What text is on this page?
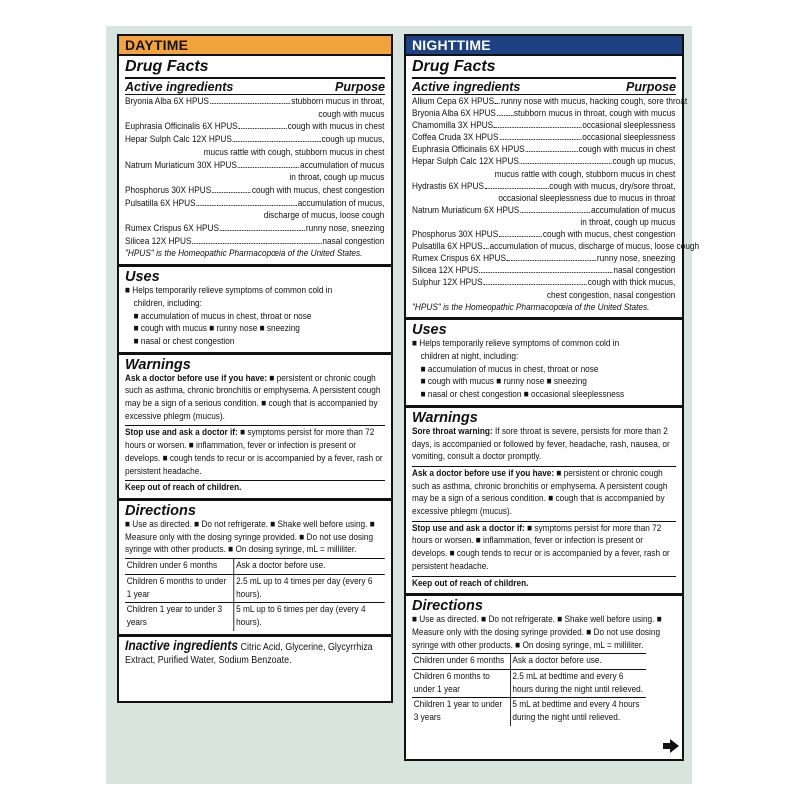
DAYTIME
Drug Facts
Active ingredients	Purpose
Bryonia Alba 6X HPUS	stubborn mucus in throat,
cough with mucus
Euphrasia Officinalis 6X HPUS	cough with mucus in chest
Hepar Sulph Calc 12X HPUS	cough up mucus,
mucus rattle with cough, stubborn mucus in chest
Natrum Muriaticum 30X HPUS	accumulation of mucus
in throat, cough up mucus
Phosphorus 30X HPUS	cough with mucus, chest congestion
Pulsatilla 6X HPUS	accumulation of mucus,
discharge of mucus, loose cough
Rumex Crispus 6X HPUS	runny nose, sneezing
Silicea 12X HPUS	nasal congestion
"HPUS" is the Homeopathic Pharmacopœia of the United States.
Uses
■ Helps temporarily relieve symptoms of common cold in
children, including:
■ accumulation of mucus in chest, throat or nose
■ cough with mucus ■ runny nose ■ sneezing
■ nasal or chest congestion
Warnings
Ask a doctor before use if you have: ■ persistent or chronic cough such as asthma, chronic bronchitis or emphysema. A persistent cough may be a sign of a serious condition. ■ cough that is accompanied by excessive phlegm (mucus).
Stop use and ask a doctor if: ■ symptoms persist for more than 72 hours or worsen. ■ inflammation, fever or infection is present or develops. ■ cough tends to recur or is accompanied by a fever, rash or persistent headache.
Keep out of reach of children.
Directions
■ Use as directed. ■ Do not refrigerate. ■ Shake well before using. ■ Measure only with the dosing syringe provided. ■ Do not use dosing syringe with other products. ■ On dosing syringe, mL = milliliter.
Children under 6 months	Ask a doctor before use.
Children 6 months to under 1 year	2.5 mL up to 4 times per day (every 6 hours).
Children 1 year to under 3 years	5 mL up to 6 times per day (every 4 hours).
Inactive ingredients Citric Acid, Glycerine, Glycyrrhiza Extract, Purified Water, Sodium Benzoate.
NIGHTTIME
Drug Facts
Active ingredients	Purpose
Allium Cepa 6X HPUS runny nose with mucus, hacking cough, sore throat
Bryonia Alba 6X HPUS stubborn mucus in throat, cough with mucus
Chamomilla 3X HPUS	occasional sleeplessness
Coffea Cruda 3X HPUS	occasional sleeplessness
Euphrasia Officinalis 6X HPUS	cough with mucus in chest
Hepar Sulph Calc 12X HPUS	cough up mucus,
mucus rattle with cough, stubborn mucus in chest
Hydrastis 6X HPUS	cough with mucus, dry/sore throat,
occasional sleeplessness due to mucus in throat
Natrum Muriaticum 6X HPUS	accumulation of mucus
in throat, cough up mucus
Phosphorus 30X HPUS	cough with mucus, chest congestion
Pulsatilla 6X HPUS accumulation of mucus, discharge of mucus, loose cough
Rumex Crispus 6X HPUS	runny nose, sneezing
Silicea 12X HPUS	nasal congestion
Sulphur 12X HPUS	cough with thick mucus,
chest congestion, nasal congestion
"HPUS" is the Homeopathic Pharmacopœia of the United States.
Uses
■ Helps temporarily relieve symptoms of common cold in
children at night, including:
■ accumulation of mucus in chest, throat or nose
■ cough with mucus ■ runny nose ■ sneezing
■ nasal or chest congestion ■ occasional sleeplessness
Warnings
Sore throat warning: If sore throat is severe, persists for more than 2 days, is accompanied or followed by fever, headache, rash, nausea, or vomiting, consult a doctor promptly.
Ask a doctor before use if you have: ■ persistent or chronic cough such as asthma, chronic bronchitis or emphysema. A persistent cough may be a sign of a serious condition. ■ cough that is accompanied by excessive phlegm (mucus).
Stop use and ask a doctor if: ■ symptoms persist for more than 72 hours or worsen. ■ inflammation, fever or infection is present or develops. ■ cough tends to recur or is accompanied by a fever, rash or persistent headache.
Keep out of reach of children.
Directions
■ Use as directed. ■ Do not refrigerate. ■ Shake well before using. ■ Measure only with the dosing syringe provided. ■ Do not use dosing syringe with other products. ■ On dosing syringe, mL = milliliter.
Children under 6 months	Ask a doctor before use.
Children 6 months to under 1 year	2.5 mL at bedtime and every 6 hours during the night until relieved.
Children 1 year to under 3 years	5 mL at bedtime and every 4 hours during the night until relieved.
